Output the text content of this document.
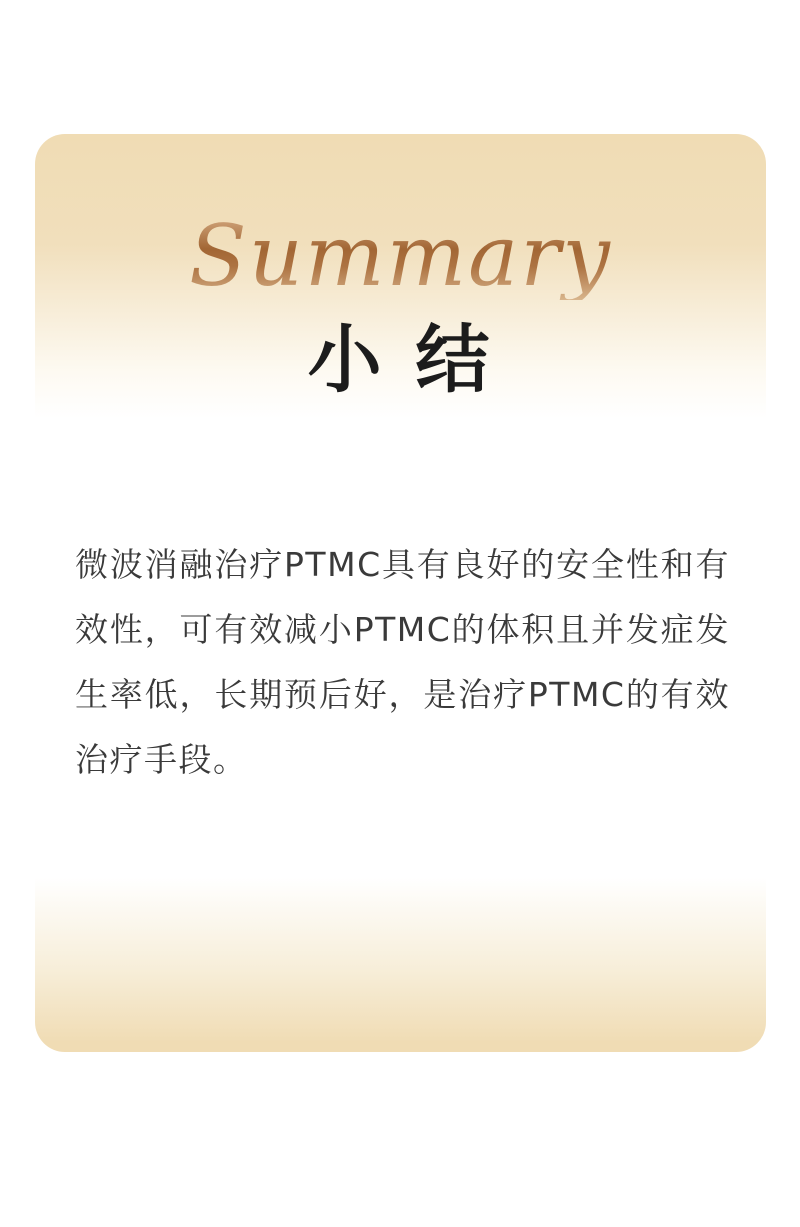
Summary
小 结
微波消融治疗PTMC具有良好的安全性和有效性，可有效减小PTMC的体积且并发症发生率低，长期预后好，是治疗PTMC的有效治疗手段。
